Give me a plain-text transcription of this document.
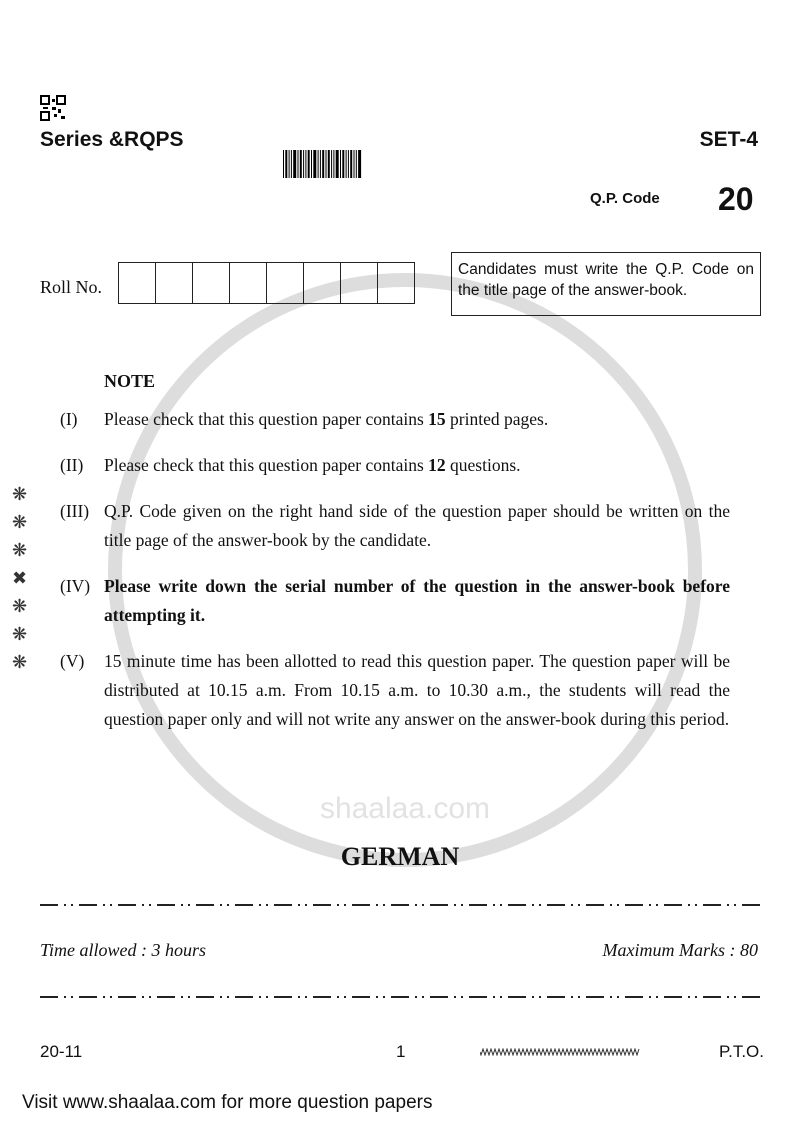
shaalaa.com
Series &RQPS	SET-4
Q.P. Code 20
Roll No.
Candidates must write the Q.P. Code on the title page of the answer-book.
NOTE
(I)	Please check that this question paper contains 15 printed pages.
(II)	Please check that this question paper contains 12 questions.
(III) Q.P. Code given on the right hand side of the question paper should be written on the title page of the answer-book by the candidate.
(IV) Please write down the serial number of the question in the answer-book before attempting it.
(V)	15 minute time has been allotted to read this question paper. The question paper will be distributed at 10.15 a.m. From 10.15 a.m. to 10.30 a.m., the students will read the question paper only and will not write any answer on the answer-book during this period.
❋
❋
❋
✖
❋
❋
❋
GERMAN
Time allowed : 3 hours	Maximum Marks : 80
20-11	1	P.T.O.
Visit www.shaalaa.com for more question papers
